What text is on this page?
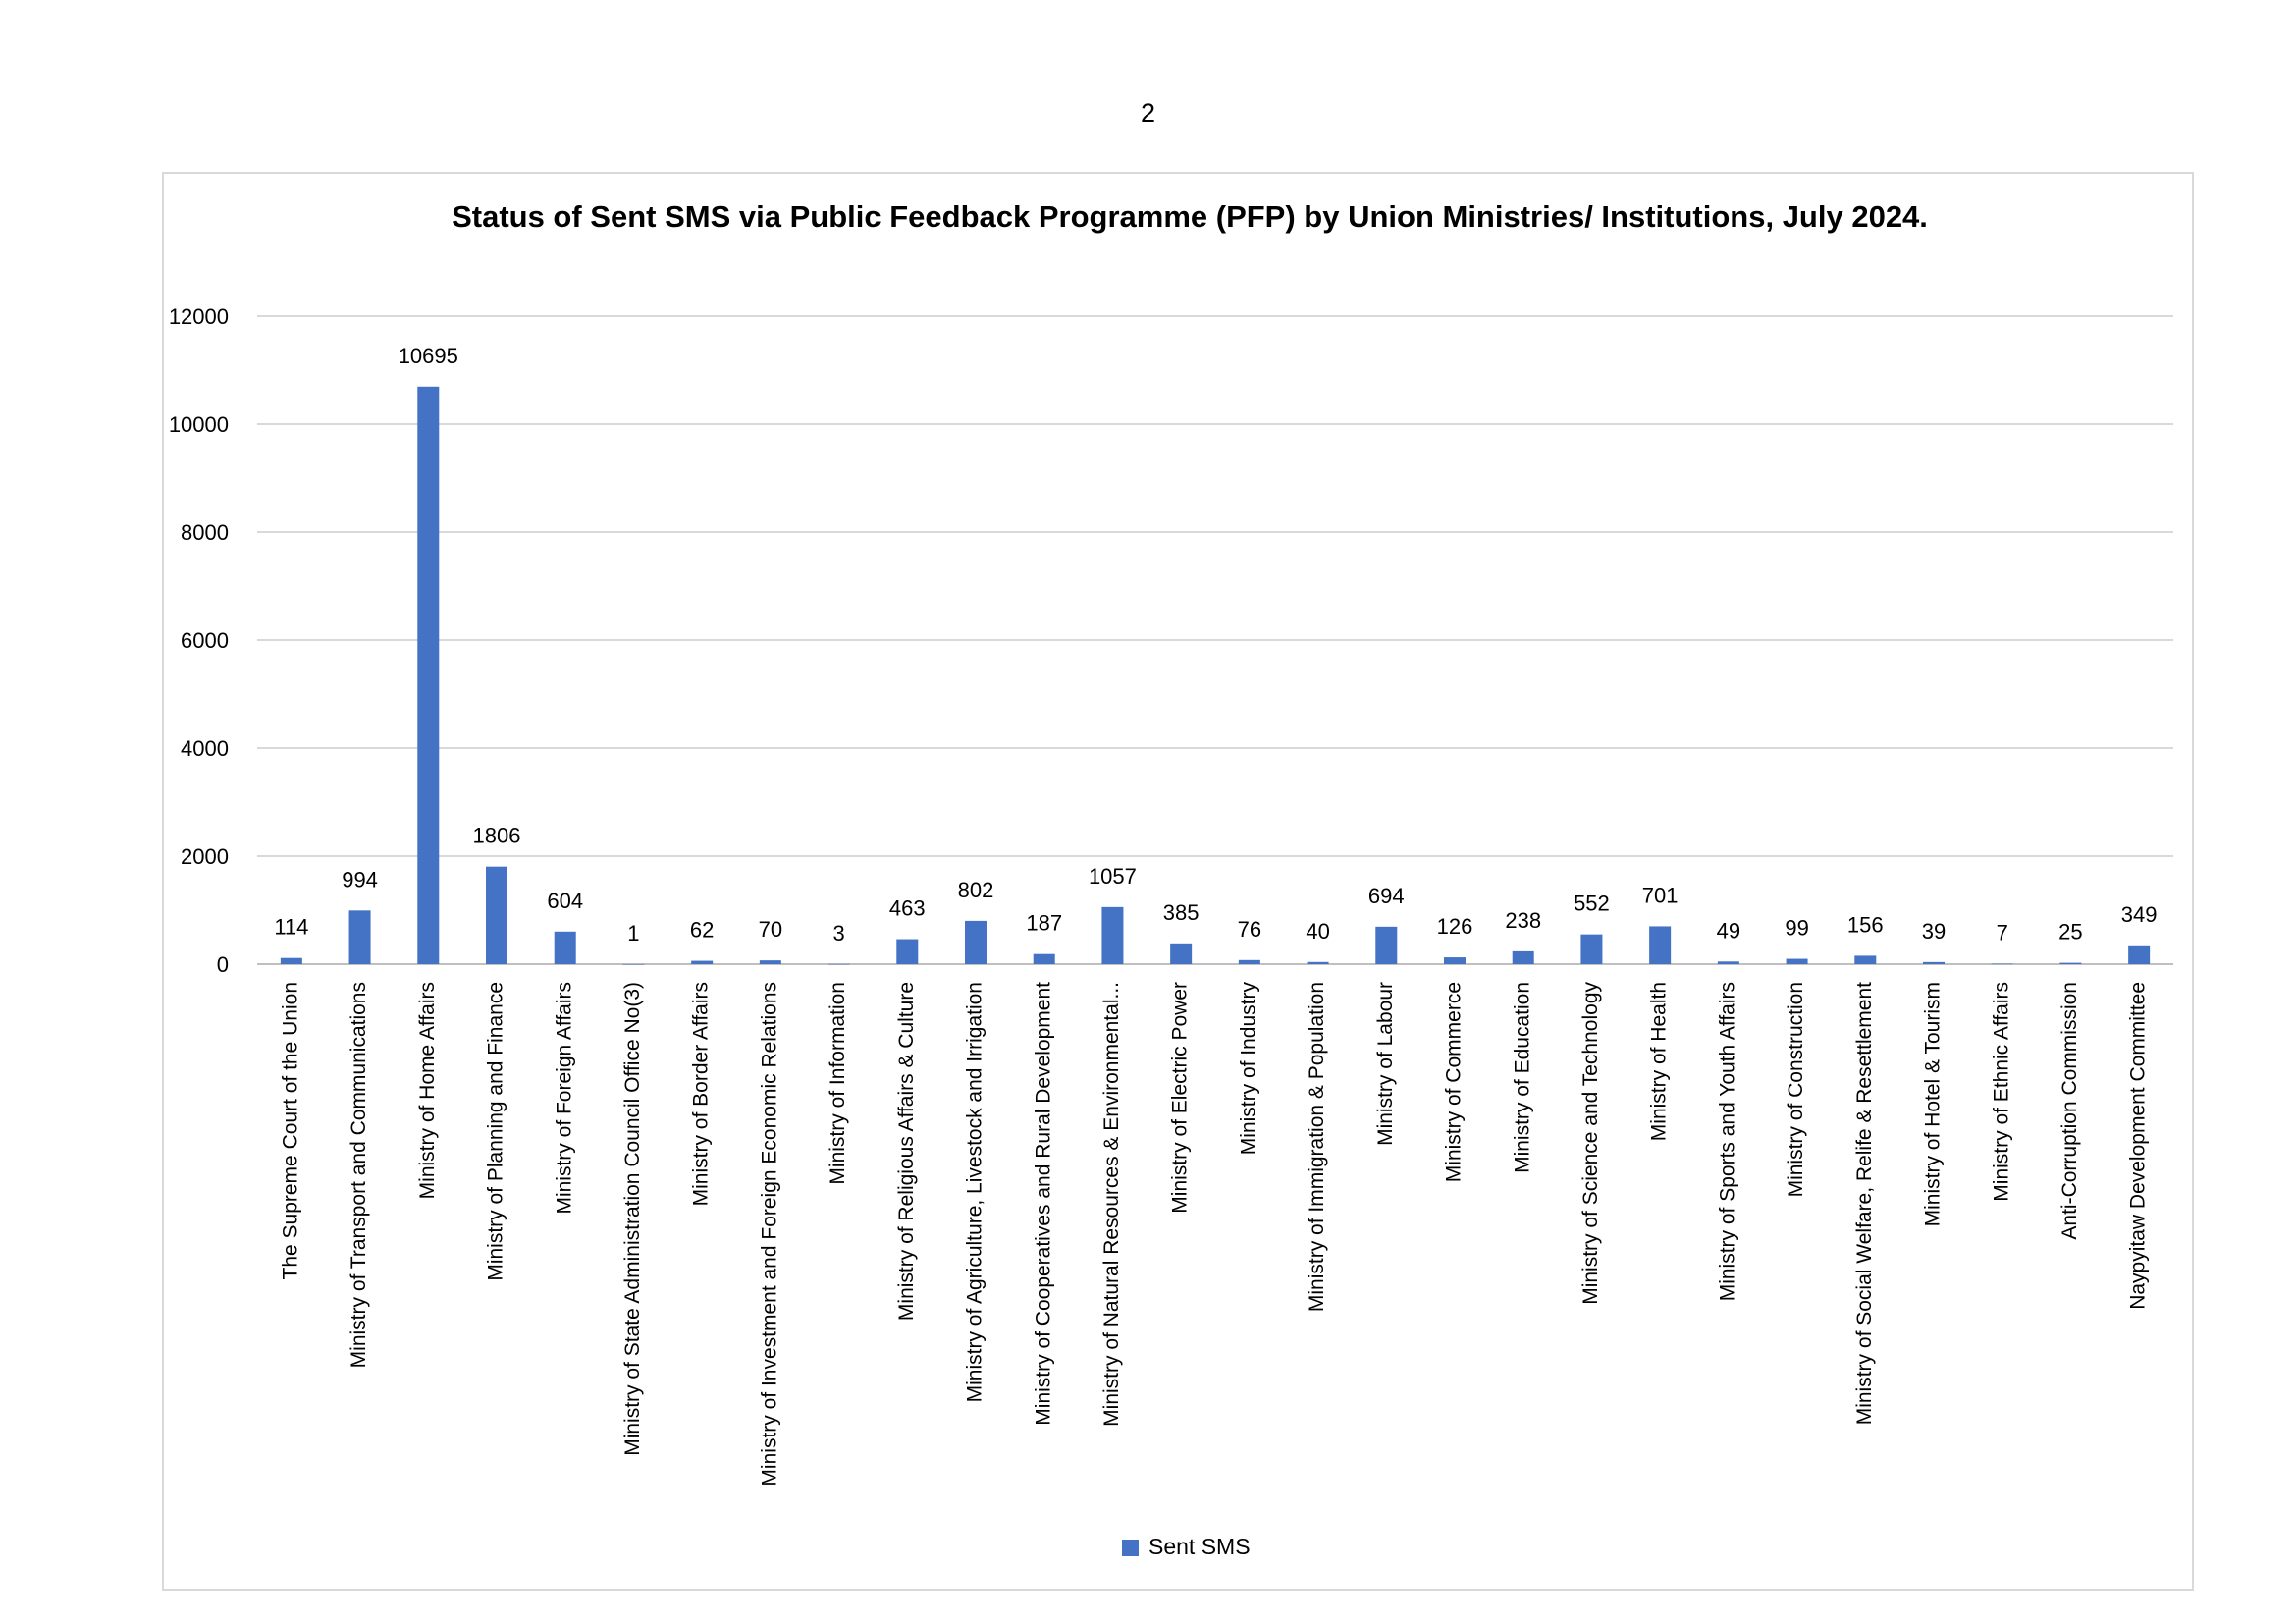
2
Status of Sent SMS via Public Feedback Programme (PFP) by Union Ministries/ Institutions, July 2024.
0
2000
4000
6000
8000
10000
12000
114
994
10695
1806
604
1 62 70 3
463
802
187
1057
385
76 40
694
126 238
552 701
49 99 156 39 7 25
349
The Supreme Court of the Union Ministry of Transport and Communications Ministry of Home Affairs Ministry of Planning and Finance Ministry of Foreign Affairs Ministry of State Administration Council Office No(3) Ministry of Border Affairs Ministry of Investment and Foreign Economic Relations Ministry of Information Ministry of Religious Affairs & Culture Ministry of Agriculture, Livestock and Irrigation Ministry of Cooperatives and Rural Development Ministry of Natural Resources & Environmental... Ministry of Electric Power Ministry of Industry Ministry of Immigration & Population Ministry of Labour Ministry of Commerce Ministry of Education Ministry of Science and Technology Ministry of Health Ministry of Sports and Youth Affairs Ministry of Construction Ministry of Social Welfare, Relife & Resettlement Ministry of Hotel & Tourism Ministry of Ethnic Affairs Anti-Corruption Commission Naypyitaw Development Committee
Sent SMS
